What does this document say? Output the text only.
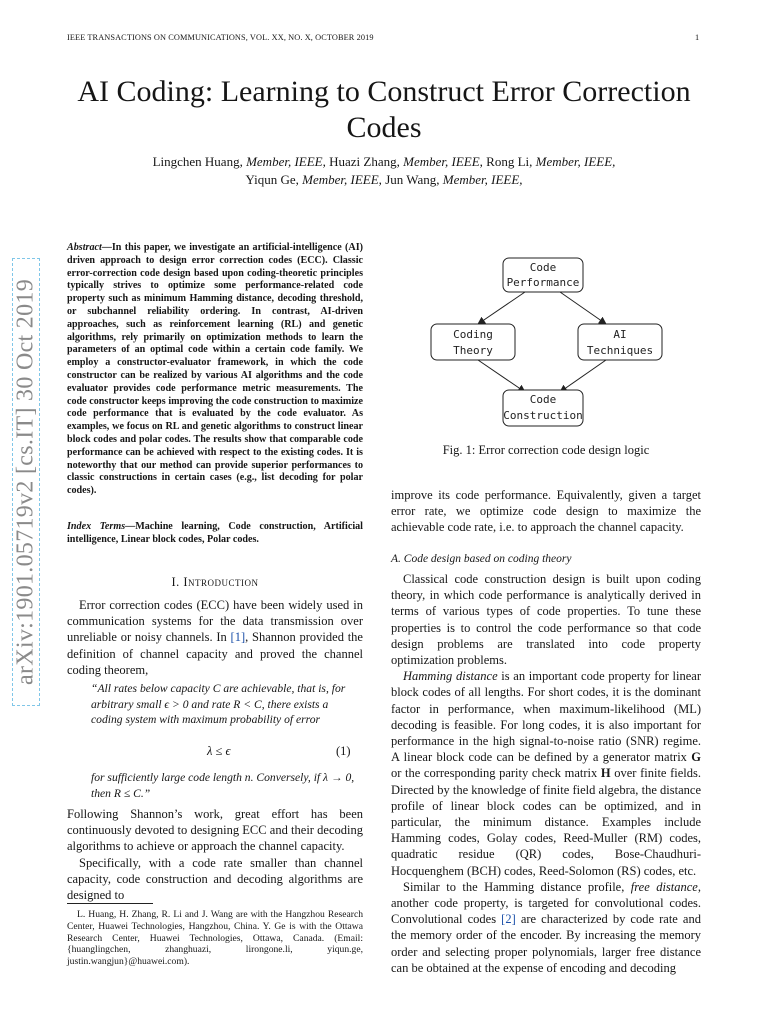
IEEE TRANSACTIONS ON COMMUNICATIONS, VOL. XX, NO. X, OCTOBER 2019	1
AI Coding: Learning to Construct Error Correction
Codes
Lingchen Huang, Member, IEEE, Huazi Zhang, Member, IEEE, Rong Li, Member, IEEE,
Yiqun Ge, Member, IEEE, Jun Wang, Member, IEEE,
arXiv:1901.05719v2 [cs.IT] 30 Oct 2019
Abstract—In this paper, we investigate an artificial-intelligence (AI) driven approach to design error correction codes (ECC). Classic error-correction code design based upon coding-theoretic principles typically strives to optimize some performance-related code property such as minimum Hamming distance, decoding threshold, or subchannel reliability ordering. In contrast, AI-driven approaches, such as reinforcement learning (RL) and genetic algorithms, rely primarily on optimization methods to learn the parameters of an optimal code within a certain code family. We employ a constructor-evaluator framework, in which the code constructor can be realized by various AI algorithms and the code evaluator provides code performance metric measurements. The code constructor keeps improving the code construction to maximize code performance that is evaluated by the code evaluator. As examples, we focus on RL and genetic algorithms to construct linear block codes and polar codes. The results show that comparable code performance can be achieved with respect to the existing codes. It is noteworthy that our method can provide superior performances to classic constructions in certain cases (e.g., list decoding for polar codes).
Index Terms—Machine learning, Code construction, Artificial intelligence, Linear block codes, Polar codes.
I. Introduction

Error correction codes (ECC) have been widely used in communication systems for the data transmission over unreliable or noisy channels. In [1], Shannon provided the definition of channel capacity and proved the channel coding theorem,

“All rates below capacity C are achievable, that is, for arbitrary small ϵ > 0 and rate R < C, there exists a coding system with maximum probability of error
λ ≤ ϵ	(1)
for sufficiently large code length n. Conversely, if λ → 0, then R ≤ C.”

Following Shannon’s work, great effort has been continuously devoted to designing ECC and their decoding algorithms to achieve or approach the channel capacity.

Specifically, with a code rate smaller than channel capacity, code construction and decoding algorithms are designed to

L. Huang, H. Zhang, R. Li and J. Wang are with the Hangzhou Research Center, Huawei Technologies, Hangzhou, China. Y. Ge is with the Ottawa Research Center, Huawei Technologies, Ottawa, Canada. (Email: {huanglingchen, zhanghuazi, lirongone.li, yiqun.ge, justin.wangjun}@huawei.com).
Code
Performance
Coding
Theory
AI
Techniques
Code
Construction
Fig. 1: Error correction code design logic
improve its code performance. Equivalently, given a target error rate, we optimize code design to maximize the achievable code rate, i.e. to approach the channel capacity.
A. Code design based on coding theory

Classical code construction design is built upon coding theory, in which code performance is analytically derived in terms of various types of code properties. To tune these properties is to control the code performance so that code design problems are translated into code property optimization problems.

Hamming distance is an important code property for linear block codes of all lengths. For short codes, it is the dominant factor in performance, when maximum-likelihood (ML) decoding is feasible. For long codes, it is also important for performance in the high signal-to-noise ratio (SNR) regime. A linear block code can be defined by a generator matrix G or the corresponding parity check matrix H over finite fields. Directed by the knowledge of finite field algebra, the distance profile of linear block codes can be optimized, and in particular, the minimum distance. Examples include Hamming codes, Golay codes, Reed-Muller (RM) codes, quadratic residue (QR) codes, Bose-Chaudhuri-Hocquenghem (BCH) codes, Reed-Solomon (RS) codes, etc.

Similar to the Hamming distance profile, free distance, another code property, is targeted for convolutional codes. Convolutional codes [2] are characterized by code rate and the memory order of the encoder. By increasing the memory order and selecting proper polynomials, larger free distance can be obtained at the expense of encoding and decoding
